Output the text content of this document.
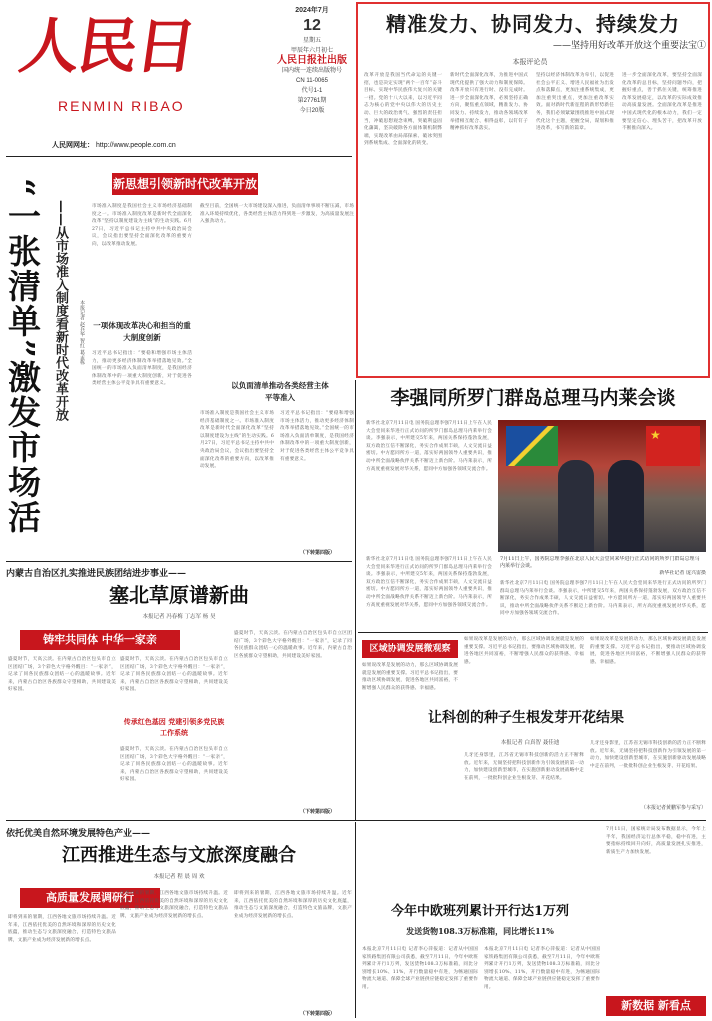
人民日報
RENMIN RIBAO
2024年7月
12
星期五
甲辰年六月初七
人民日报社出版
国内统一连续出版物号
CN 11-0065
代号1-1
第27761期
今日20版
人民网网址： http://www.people.com.cn
精准发力、协同发力、持续发力
——坚持用好改革开放这个重要法宝①
本报评论员
改革开放是我国当代命运的关键一招，也是决定实现“两个一百年”奋斗目标、实现中华民族伟大复兴的关键一招。党的十八大以来，以习近平同志为核心的党中央以伟大的历史主动、巨大的政治勇气、强烈的责任担当，冲破思想观念束缚，突破利益固化藩篱，坚决破除各方面体制机制弊端，实现改革由局部探索、破冰突围到系统集成、全面深化的转变。
新时代全面深化改革，为推进中国式现代化提供了强大动力和制度保障。改革开放只有进行时、没有完成时。进一步全面深化改革，必须坚持正确方向，聚焦重点领域，精准发力、协同发力、持续发力，推动各领域改革举措相互配合、相得益彰，以钉钉子精神抓好改革落实。
坚持以经济体制改革为牵引，以促进社会公平正义、增进人民福祉为出发点和落脚点，更加注重系统集成，更加注重突出重点，更加注重改革实效。面对新时代新征程的新形势新任务，我们必须紧紧围绕推进中国式现代化这个主题，把握全局，谋划和推进改革，书写新的篇章。
进一步全面深化改革，要坚持全面深化改革的总目标，坚持问题导向，把握好重点，善于抓住关键，统筹推进改革发展稳定，以改革的实际成效推动高质量发展。全面深化改革是推进中国式现代化的根本动力，我们一定要坚定信心、埋头苦干，把改革开放不断推向深入。
新思想引领新时代改革开放
“一张清单”激发市场活
——从市场准入制度看新时代改革开放	本报记者 赵兵华 智红 葛孟栋
市场准入制度是我国社会主义市场经济基础制度之一。市场准入制度改革是新时代全面深化改革“坚持以制度建设为主线”的生动实践。6月27日，习近平总书记主持中共中央政治局会议，会议指出要坚持全面深化改革的重要方向，以改革推动发展。
一项体现改革决心和担当的重大制度创新
习近平总书记指出：“要稳和增强市场主体活力，推动更多经济体制改革举措落地见效。”全国统一的市场准入负面清单制度，是我国经济体制改革中的一项重大制度创新，对于促进各类经营主体公平竞争具有重要意义。
截至目前，全国统一大市场建设深入推进，负面清单事项不断压减，市场准入环境持续优化，各类经营主体活力得到进一步激发，为高质量发展注入强劲动力。
以负面清单推动各类经营主体平等准入
市场准入制度是我国社会主义市场经济基础制度之一。市场准入制度改革是新时代全面深化改革“坚持以制度建设为主线”的生动实践。6月27日，习近平总书记主持中共中央政治局会议，会议指出要坚持全面深化改革的重要方向，以改革推动发展。
习近平总书记指出：“要稳和增强市场主体活力，推动更多经济体制改革举措落地见效。”全国统一的市场准入负面清单制度，是我国经济体制改革中的一项重大制度创新，对于促进各类经营主体公平竞争具有重要意义。
（下转第四版）
李强同所罗门群岛总理马内莱会谈
新华社北京7月11日电 国务院总理李强7月11日上午在人民大会堂同来华进行正式访问的所罗门群岛总理马内莱举行会谈。李强表示，中所建交5年来，两国关系保持蓬勃发展，双方政治互信不断深化，务实合作成果丰硕，人文交流日益密切。中方愿同所方一道，落实好两国领导人重要共识，推动中所全面战略伙伴关系不断迈上新台阶。马内莱表示，所方高度重视发展对华关系，愿同中方加强各领域交流合作。
★
7月11日上午，国务院总理李强在北京人民大会堂同来华进行正式访问的所罗门群岛总理马内莱举行会谈。
新华社记者 庞兴雷摄
新华社北京7月11日电 国务院总理李强7月11日上午在人民大会堂同来华进行正式访问的所罗门群岛总理马内莱举行会谈。李强表示，中所建交5年来，两国关系保持蓬勃发展，双方政治互信不断深化，务实合作成果丰硕，人文交流日益密切。中方愿同所方一道，落实好两国领导人重要共识，推动中所全面战略伙伴关系不断迈上新台阶。马内莱表示，所方高度重视发展对华关系，愿同中方加强各领域交流合作。
新华社北京7月11日电 国务院总理李强7月11日上午在人民大会堂同来华进行正式访问的所罗门群岛总理马内莱举行会谈。李强表示，中所建交5年来，两国关系保持蓬勃发展，双方政治互信不断深化，务实合作成果丰硕，人文交流日益密切。中方愿同所方一道，落实好两国领导人重要共识，推动中所全面战略伙伴关系不断迈上新台阶。马内莱表示，所方高度重视发展对华关系，愿同中方加强各领域交流合作。
内蒙古自治区扎实推进民族团结进步事业——
塞北草原谱新曲
本报记者 冯春梅 丁志军 杨 昊
铸牢共同体 中华一家亲
盛夏时节，天高云淡。在内蒙古自治区包头市自立区团结广场，3个彩色大字格外醒目：“一家亲”，记录了同各民族群众团结一心的温暖故事。近年来，内蒙古自治区各族群众守望相助，共同建设美好家园。
盛夏时节，天高云淡。在内蒙古自治区包头市自立区团结广场，3个彩色大字格外醒目：“一家亲”，记录了同各民族群众团结一心的温暖故事。近年来，内蒙古自治区各族群众守望相助，共同建设美好家园。
传承红色基因 党建引领多党民族工作系统
盛夏时节，天高云淡。在内蒙古自治区包头市自立区团结广场，3个彩色大字格外醒目：“一家亲”，记录了同各民族群众团结一心的温暖故事。近年来，内蒙古自治区各族群众守望相助，共同建设美好家园。
盛夏时节，天高云淡。在内蒙古自治区包头市自立区团结广场，3个彩色大字格外醒目：“一家亲”，记录了同各民族群众团结一心的温暖故事。近年来，内蒙古自治区各族群众守望相助，共同建设美好家园。
（下转第四版）
区域协调发展微观察
如果说改革是发展的动力，那么区域协调发展就是发展的重要支撑。习近平总书记指出，要推动区域协调发展，促进各地区共同富裕，不断增强人民群众的获得感、幸福感。
如果说改革是发展的动力，那么区域协调发展就是发展的重要支撑。习近平总书记指出，要推动区域协调发展，促进各地区共同富裕，不断增强人民群众的获得感、幸福感。
如果说改革是发展的动力，那么区域协调发展就是发展的重要支撑。习近平总书记指出，要推动区域协调发展，促进各地区共同富裕，不断增强人民群众的获得感、幸福感。
让科创的种子生根发芽开花结果
本报记者 白真智 聂佳迪
儿牙还身影里，江苏省无锡市科技创新的活力正不断释放。近年来，无锡坚持把科技创新作为引领发展的第一动力，加快建设创新型城市，在实施创新驱动发展战略中走在前列，一批批科创企业生根发芽、开花结果。
儿牙还身影里，江苏省无锡市科技创新的活力正不断释放。近年来，无锡坚持把科技创新作为引领发展的第一动力，加快建设创新型城市，在实施创新驱动发展战略中走在前列，一批批科创企业生根发芽、开花结果。
（本报记者黄鹏军参与采写）
依托优美自然环境发展特色产业——
江西推进生态与文旅深度融合
本报记者 程 晨 周 欢
高质量发展调研行
即将到来的暑期，江西各地文旅市场持续升温。近年来，江西依托优美的自然环境和深厚的历史文化底蕴，推动生态与文旅深度融合，打造特色文旅品牌，文旅产业成为经济发展新的增长点。
即将到来的暑期，江西各地文旅市场持续升温。近年来，江西依托优美的自然环境和深厚的历史文化底蕴，推动生态与文旅深度融合，打造特色文旅品牌，文旅产业成为经济发展新的增长点。
即将到来的暑期，江西各地文旅市场持续升温。近年来，江西依托优美的自然环境和深厚的历史文化底蕴，推动生态与文旅深度融合，打造特色文旅品牌，文旅产业成为经济发展新的增长点。
（下转第四版）
今年中欧班列累计开行达1万列
发送货物108.3万标准箱，同比增长11%
本报北京7月11日电 记者李心萍报道：记者从中国国家铁路集团有限公司获悉，截至7月11日，今年中欧班列累计开行1万列，发送货物108.3万标准箱，同比分别增长10%、11%，开行数量稳中有进，为畅通国际物流大通道、保障全球产业链供应链稳定发挥了重要作用。
本报北京7月11日电 记者李心萍报道：记者从中国国家铁路集团有限公司获悉，截至7月11日，今年中欧班列累计开行1万列，发送货物108.3万标准箱，同比分别增长10%、11%，开行数量稳中有进，为畅通国际物流大通道、保障全球产业链供应链稳定发挥了重要作用。
7月11日，国家统计局发布数据显示，今年上半年，我国经济运行总体平稳，稳中有进，主要指标持续回升向好，高质量发展扎实推进，新质生产力加快发展。
新数据 新看点
